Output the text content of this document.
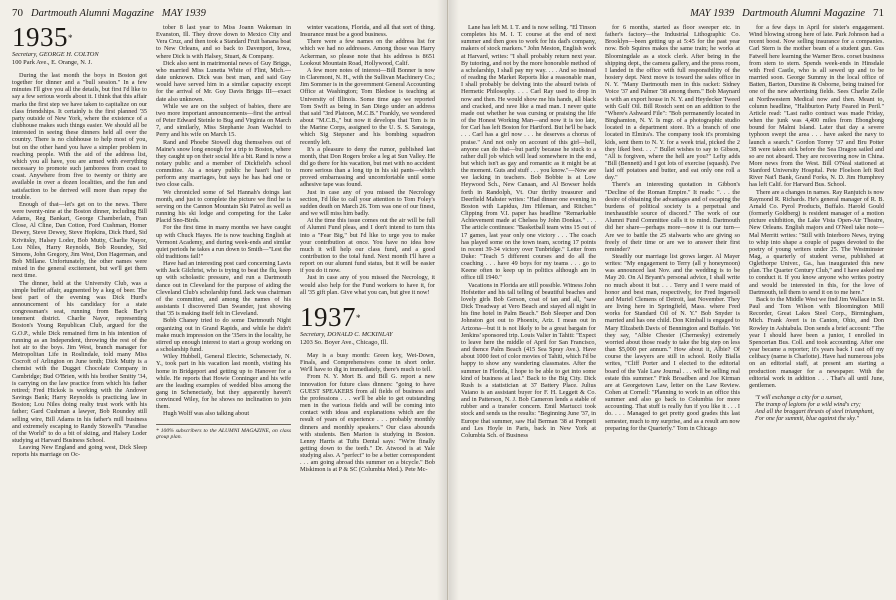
70 Dartmouth Alumni Magazine MAY 1939
1935*
Secretary, GEORGE H. COLTON
100 Park Ave., E. Orange, N. J.

During the last month the boys in Boston got together for dinner and a "bull session." In a few minutes I'll give you all the details, but first I'd like to say a few serious words about it. I think that this affair marks the first step we have taken to capitalize on our class friendships. It certainly is the first planned '35 party outside of New York, where the existence of a clubhouse makes such things easier. We should all be interested in seeing these dinners held all over the country. There is no clubhouse to help most of you, but on the other hand you have a simpler problem in reaching people. With the aid of the address list, which you all have, you are armed with everything necessary to promote such jamborees from coast to coast. Anywhere from five to twenty or thirty are available in over a dozen localities, and the fun and satisfaction to be derived will more than repay the trouble.

Enough of that—let's get on to the news. There were twenty-nine at the Boston dinner, including Bill Adams, Reg Bankart, George Chamberlain, Fran Close, Al Cline, Dan Cotton, Ford Cushman, Homer Dewey, Steve Dewey, Steve Hopkins, Dick Hurd, Sid Krivitsky, Halsey Loder, Bob Mutty, Charlie Nayor, Lou Niles, Harry Reynolds, Bob Roundey, Sid Simons, John Gregory, Jim West, Don Hagerman, and Bob Millane. Unfortunately, the other names were mixed in the general excitement, but we'll get them next time.

The dinner, held at the University Club, was a simple buffet affair, augmented by a keg of beer. The best part of the evening was Dick Hurd's announcement of his candidacy for a state congressman's seat, running from Back Bay's tenement district. Charlie Nayor, representing Boston's Young Republican Club, argued for the G.O.P., while Dick remained firm in his intention of running as an Independent, throwing the rest of the hot air to the boys. Jim West, branch manager for Metropolitan Life in Roslindale, told many Miss Cocroft of Arlington on June tenth; Dick Mutty is a chemist with the Dugget Chocolate Company in Cambridge; Bud O'Brien, with his brother Smitty '34, is carrying on the law practice from which his father retired; Fred Hickok is working with the Andover Savings Bank; Harry Reynolds is practicing law in Boston; Lou Niles doing realty trust work with his father; Gard Cushman a lawyer, Bob Roundey still selling wire, Bill Adams in his father's mill business and extremely escaping to Randy Stowell's "Paradise of the World" to do a bit of skiing, and Halsey Loder studying at Harvard Business School.

Leaving New England and going west, Dick Sleep reports his marriage on Oc-

tober 8 last year to Miss Joann Wakeman in Evanston, Ill. They drove down to Mexico City and Vera Cruz, and then took a Standard Fruit banana boat to New Orleans, and so back to Davenport, Iowa, where Dick is with Halsey, Stuart, & Company.

Dick also sent in matrimonial news of Guy Briggs, who married Miss Lunetta White of Flint, Mich.—date unknown. Dick was best man, and said Guy would have served him in a similar capacity except for the arrival of Mr. Guy Davis Briggs III—exact date also unknown.

While we are on the subject of babies, there are two more important announcements—first the arrival of Peter Edward Steinle to Bug and Virginia on March 7, and similarly, Miss Stephanie Joan Wachtel to Perry and his wife on March 15.

Rand and Phoebe Stowell dug themselves out of Maine's snow long enough for a trip to Boston, where they caught up on their social life a bit. Rand is now a notary public and a member of Dickfield's school committee. As a notary public he hasn't had to perform any marriages, but says he has had one or two close calls.

We chronicled some of Sel Hannah's doings last month, and just to complete the picture we find he is serving on the Cannon Mountain Ski Patrol as well as running his ski lodge and competing for the Lake Placid Sno-Birds.

For the first time in many months we have caught up with Chuck Hayes. He is now teaching English at Vermont Academy, and during week-ends and similar quiet periods he takes a run down to Smith—"Lest the old traditions fail!"

Have had an interesting post card concerning Lavis with Jack Gilchrist, who is trying to beat the flu, keep up with scholastic pressure, and run a Dartmouth dance out in Cleveland for the purpose of aiding the Cleveland Club's scholarship fund. Jack was chairman of the committee, and among the names of his assistants I discovered Dan Swander, just showing that '35 is making itself felt in Cleveland.

Bobb Chaney tried to do some Dartmouth Night organizing out in Grand Rapids, and while he didn't make much impression on the '35ers in the locality, he stirred up enough interest to start a group working on a scholarship fund.

Wiley Hubbell, General Electric, Schenectady, N. Y., took part in his vacation last month, visiting his home in Bridgeport and getting up to Hanover for a while. He reports that Howie Conninger and his wife are the leading examples of wedded bliss among the gang in Schenectady, but they apparently haven't convinced Wiley, for he shows no inclination to join them.

Hugh Wolff was also talking about

* 100% subscribers to the ALUMNI MAGAZINE, on class group plan.

winter vacations, Florida, and all that sort of thing. Insurance must be a good business.

There were a few names on the address list for which we had no addresses. Among those was Harry Ackerman, so please note that his address is 8651 Lookout Mountain Road, Hollywood, Calif.

A few more notes of interest—Bill Bonner is now in Claremont, N. H., with the Sullivan Machinery Co.; Jim Sommer is in the government General Accounting Office at Washington; Tom Bledsoe is teaching at University of Illinois. Some time ago we reported Tom Swift as being in San Diego under an address that said "3rd Platoon, M.C.B." Frankly, we wondered about "M.C.B.," but now it develops that Tom is in the Marine Corps, assigned to the U. S. S. Saratoga, which Sig Stepsner and his bombing squadron recently left.

It's a pleasure to deny the rumor, published last month, that Don Rogers broke a leg at Sun Valley. He did go there for his vacation, but met with no accident more serious than a long tip in his ski pants—which proved embarrassing and uncomfortable until some adhesive tape was found.

Just in case any of you missed the Necrology section, I'd like to call your attention to Tom Foley's sudden death on March 26. Tom was one of our finest, and we will miss him badly.

At the time this issue comes out the air will be full of Alumni Fund pleas, and I don't intend to turn this into a "Fear Big," but I'd like to urge you to make your contribution at once. You have no idea how much it will help our class fund, and a good contribution to the total fund. Next month I'll have a report on our alumni fund status, but it will be easier if you do it now.

Just in case any of you missed the Necrology, it would also help for the Fund workers to have it, for all '35 gift plan. Give what you can, but give it now!

1937*
Secretary, DONALD C. MCKINLAY
1203 So. Boyer Ave., Chicago, Ill.

May is a busy month: Green key, Wet-Down, Finals, and Comprehensives come in short order. We'll have to dig in immediately, there's much to tell.

From N. Y. Mort B. and Bill G. report a new innovation for future class dinners: "going to have GUEST SPEAKERS from all fields of business and the professions . . . we'll be able to get outstanding men in the various fields and will be coming into contact with ideas and explanations which are the result of years of experience . . . probably monthly dinners and monthly speakers." Our class abounds with students. Ben Marion is studying in Boston. Lenny Harris at Tufts Dental says: "We're finally getting down to the teeth." Dr. Atwood is at Yale studying also. A "perfect" to be a better correspondent . . . am going abroad this summer on a bicycle." Bob Miskimon is at P & SC (Columbia Med.). Pete Mc-

MAY 1939 Dartmouth Alumni Magazine 71

Lane has left M. I. T. and is now selling. "El Tinson completes his M. I. T. course at the end of next summer and then goes to work for his dad's company, makers of stock markers." John Meston, English work at Harvard, writes: "I shall probably return next year. By tutoring, and not by the more honorable method of a scholarship, I shall pay my way. . . . And so instead of reading the Market Reports like a reasonable man, I shall probably be delving into the absurd twists of Hermetic Philosophy. . . . Carl Ray used to drop in now and then. He would show me his hands, all black and cracked, and rave like a mad man. I never quite made out whether he was cursing or praising the life of the Honest Working Man—and now it is too late, for Carl has left Boston for Hartford. But he'll be back . . . Carl has a girl now . . . he deserves a chorus of praise." And not only on account of this girl—hell, anyone can do that—but partly because he stuck to a rather dull job which will lead somewhere in the end, but which isn't as gay and romantic as it might be at the moment. Guts and stuff . . . you know."—Now are we lacking in teachers. Bob Bobbie is at Low Heywood Sch., New Canaan, and Al Bowser holds forth in Randolph, Vt. Our thrifty treasurer and Deerfield Mahster writes: "Had dinner one evening in Boston with Lapidus, Jim Hileman, and Ritcher." Clipping from V.I. paper has headline "Remarkable Achievement made at Chelsea by John Donkas." . . . The article continues: "Basketball team wins 15 out of 17 games, last year only one victory . . . The coach has played some on the town team, scoring 17 points in recent 39-34 victory over Tunbridge." Letter from Duke: "Teach 5 different courses and do all the coaching . . . have 49 boys for my teams . . . go to Keene often to keep up in politics although am in office till 1940."

Vacations in Florida are still possible. Witness John Hofstetter and his tall telling of beautiful beaches and lovely girls Bob Gerson, coat of tan and all, "saw Dick Treadway at Vero Beach and stayed all night in his fine hotel in Palm Beach." Bob Sleeper and Don Johnston got out to Phoenix, Ariz. I mean out in Arizona—but it is not likely to be a great bargain for Jenkins' sponsored trip. Louis Valier in Tahiti: "Expect to leave here the middle of April for San Francisco, and thence Palm Beach (415 Sea Spray Ave.). Have about 1000 feet of color movies of Tahiti, which I'd be happy to show any wandering classmates. After the summer in Florida, I hope to be able to get into some kind of business at last." Back to the Big City. Dick Rush is a statistician at 37 Battery Place. Julius Vaiano is an assistant buyer for F. H. Leggett & Co. and in Patterson, N. J. Bob Cameron lends a stable of rubber and a transfer concern. Emil Martucci took stock and sends us the results: "Beginning June '37, in Europe that summer, saw Hal Berman '38 at Pompeii and Les Hoyle in Paris, back in New York at Columbia Sch. of Business

for 6 months, started as floor sweeper etc. in father's factory—the Industrial Lithographic Co. Brooklyn—been getting up at 5:45 for the past year now. Bob Squires makes the same train; he works at Bloomingdale as a stock clerk. After being in the shipping dept., the camera gallery, and the press room, I landed in the office with full responsibility of the hosiery dept. Next move is toward the sales office in N. Y. "Many Dartmouth men in this racket: Sidney Voice '37 and Palmer '38 among them." Bob Maynard is with an export house in N. Y. and Heydecker Tweed with Gulf Oil. Bill Rostch sent on an addition to the "Where's Ashward File": "Bob permanently located in Binghamton, N. Y. Is mgr. of a photographic studio located in a department store. It's a branch of one located in Elmira's. The company took it's promising kids, sent them to N. Y. for a week trial, picked the 2 they liked best. . . ." Bullet wishes to say to Gibson, "All is forgiven, where the hell are you?" Lefty adds "Bill (Bennett) and I got lots of exercise (squash). I've laid off potatoes and butter, and eat only one roll a day."

There's an interesting quotation in Gibbon's "Decline of the Roman Empire." It reads: ". . . the desire of obtaining the advantages and of escaping the burdens of political society is a perpetual and inexhaustible source of discord." The work of our Alumni Fund Committee calls it to mind. Dartmouth did her share—perhaps more—now it is our turn—Are we to battle the 25 stalwarts who are giving so freely of their time or are we to answer their first reminder?

Steadily our marriage list grows larger. Al Mayer writes: "My engagement to Terry (all y honeymoon) was announced last Nov. and the wedding is to be May 20. On Al Bryant's personal advice, I shall write no much about it but . . . Terry and I were maid of honor and best man, respectively, for Fred Ingersoll and Muriel Clemens of Detroit, last November. They are living here in Springfield, Mass. where Fred works for Standard Oil of N. Y." Bob Snyder is married and has one child. Don Kimball is engaged to Mary Elizabeth Davis of Bennington and Buffalo. Yet they say, "Albie Chester (Chernesky) extremely worried about those ready to take the big step on less than $5,000 per annum." How about it, Albie? Of course the lawyers are still in school. Roily Bialla writes, "Cliff Porter and I elected to the editorial board of the Yale Law Journal . . . will be selling real estate this summer." Fink Broadben and Joe Kirman are at Georgetown Law, letter on the Law Review. Cohen at Cornell: "Planning to work in an office this summer and also go back to Columbia for more accounting. That stuff is really fun if you like it . . . I do. . . . Managed to get pretty good grades this last semester, much to my surprise, and as a result am now preparing for the Quarterly." Tom in Chicago

for a few days in April for sister's engagement. Wind blowing strong here of late. Park Johnson had a recent boost. Now selling insurance for a companies. Carl Stern is the mother beam of a student gun. Gus Fatwell here learning the Warner Bros. corset business from stem to stern. Spends week-ends in Hinsdale with Fred Castle, who is all sewed up and to be married soon. George Summy in the local office of Batten, Barton, Durstine & Osborne, being trained for one of the new advertising fields. Sees Charlie Zelle at Northwestern Medical now and then. Meant to, column headline, "Haliburton Party Feared in Peril." Article read: "Last radio contract was made Friday, when the junk was 4,400 miles from Ebongbong bound for Malmi Island. Later that day a severe typhoon swept the area . . . have asked the navy to launch a search." Gordon Torrey '37 and Bru Potter '38 were taken sick before the Sea Dragon sailed and so are not aboard. They are recovering now in China. More news from the West. Bill O'Neal stationed at Stanford University Hospital. Pete Floelson left Red River Nat'l Bank, Grand Forks, N. D. Jim Humphrey has left Calif. for Harvard Bus. School.

There are a changes in names. Ray Ranjutch is now Raymond R. Richards. He's general manager of R. B. Arnald Co. Pyrol Products, Buffalo. Harold Gould (formerly Goldberg) is resident manager of a motion picture exhibition, the Lake Vista Open-Air Theatre, New Orleans. English majors and O'Neel take note—Mal Merritt writes: "Still with Interboro News, trying to whip into shape a couple of pages devoted to the poetry of young writers under 25. The Westminster Mag, a quarterly of student verse, published at Oglethorpe Univer., Ga., has inaugurated this new plan. The Quarter Century Club," and I have asked me to conduct it. If you know anyone who writes poetry and would be interested in this, for the love of Dartmouth, tell them to send it on to me here."

Back to the Middle West we find Jim Wallace in St. Paul and Tom Wilson with Bloomington Mill Recorder, Great Lakes Steel Corp., Birmingham, Mich. Frank Avert is in Canton, Ohio, and Don Rowley in Ashtabula. Don sends a brief account: "The year I should have been a junior, I enrolled in Spencerian Bus. Coll. and took accounting. After one year became a reporter; it's years back I cast off my celibacy (name is Charlotte). Have had numerous jobs on an editorial staff, at present am starting a production manager for a newspaper. With the editorial work in addition . . . That's all until June, gentlemen.

"I will exchange a city for a sunset,
The tramp of legions for a wild wind's cry;
And all the braggart thrusts of steel triumphant,
For one far summit, blue against the sky."
